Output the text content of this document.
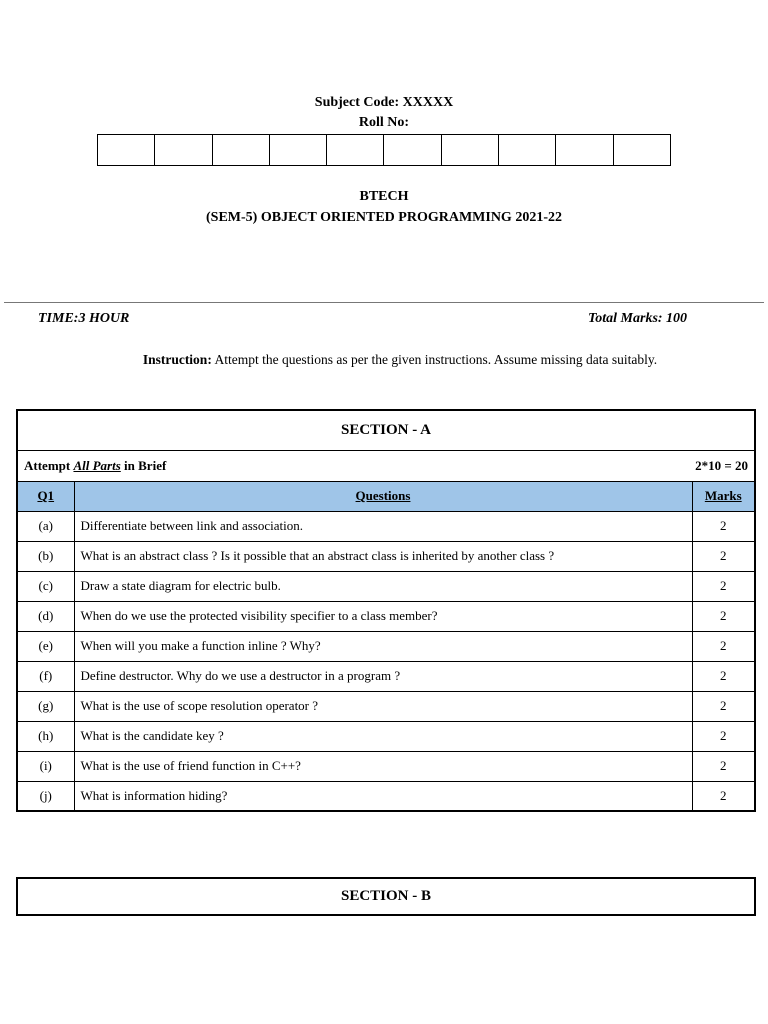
Subject Code: XXXXX
Roll No:
BTECH
(SEM-5) OBJECT ORIENTED PROGRAMMING 2021-22
TIME:3 HOUR	Total Marks: 100
Instruction: Attempt the questions as per the given instructions. Assume missing data suitably.
SECTION - A		

Attempt All Parts in Brief 2*10 = 20		

Q1	Questions	Marks
(a)	Differentiate between link and association.	2
(b)	What is an abstract class ? Is it possible that an abstract class is inherited by another class ?	2
(c)	Draw a state diagram for electric bulb.	2
(d)	When do we use the protected visibility specifier to a class member?	2
(e)	When will you make a function inline ? Why?	2
(f)	Define destructor. Why do we use a destructor in a program ?	2
(g)	What is the use of scope resolution operator ?	2
(h)	What is the candidate key ?	2
(i)	What is the use of friend function in C++?	2
(j)	What is information hiding?	2
SECTION - B
